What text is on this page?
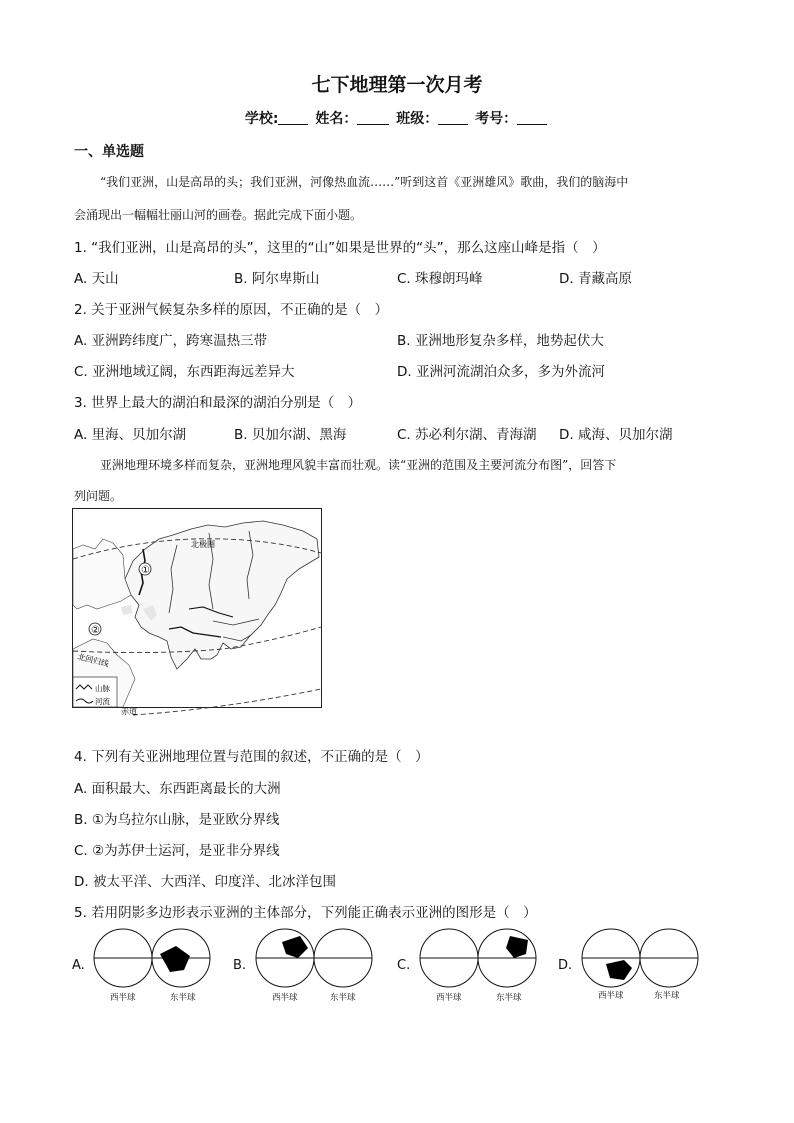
七下地理第一次月考
学校:	姓名：	班级：	考号：
一、单选题
“我们亚洲，山是高昂的头；我们亚洲，河像热血流……”听到这首《亚洲雄风》歌曲，我们的脑海中
会涌现出一幅幅壮丽山河的画卷。据此完成下面小题。
1. “我们亚洲，山是高昂的头”，这里的“山”如果是世界的“头”，那么这座山峰是指（　）
A. 天山	B. 阿尔卑斯山	C. 珠穆朗玛峰	D. 青藏高原
2. 关于亚洲气候复杂多样的原因，不正确的是（　）
A. 亚洲跨纬度广，跨寒温热三带	B. 亚洲地形复杂多样，地势起伏大
C. 亚洲地域辽阔，东西距海远差异大	D. 亚洲河流湖泊众多，多为外流河
3. 世界上最大的湖泊和最深的湖泊分别是（　）
A. 里海、贝加尔湖	B. 贝加尔湖、黑海	C. 苏必利尔湖、青海湖 D. 咸海、贝加尔湖
亚洲地理环境多样而复杂，亚洲地理风貌丰富而壮观。读“亚洲的范围及主要河流分布图”，回答下
列问题。
①
②
北极圈
北回归线
赤道
山脉
河流
4. 下列有关亚洲地理位置与范围的叙述，不正确的是（　）
A. 面积最大、东西距离最长的大洲
B. ①为乌拉尔山脉，是亚欧分界线
C. ②为苏伊士运河，是亚非分界线
D. 被太平洋、大西洋、印度洋、北冰洋包围
5. 若用阴影多边形表示亚洲的主体部分，下列能正确表示亚洲的图形是（　）
A.
西半球	东半球
B.
西半球	东半球
C.
西半球	东半球
D.
西半球	东半球
